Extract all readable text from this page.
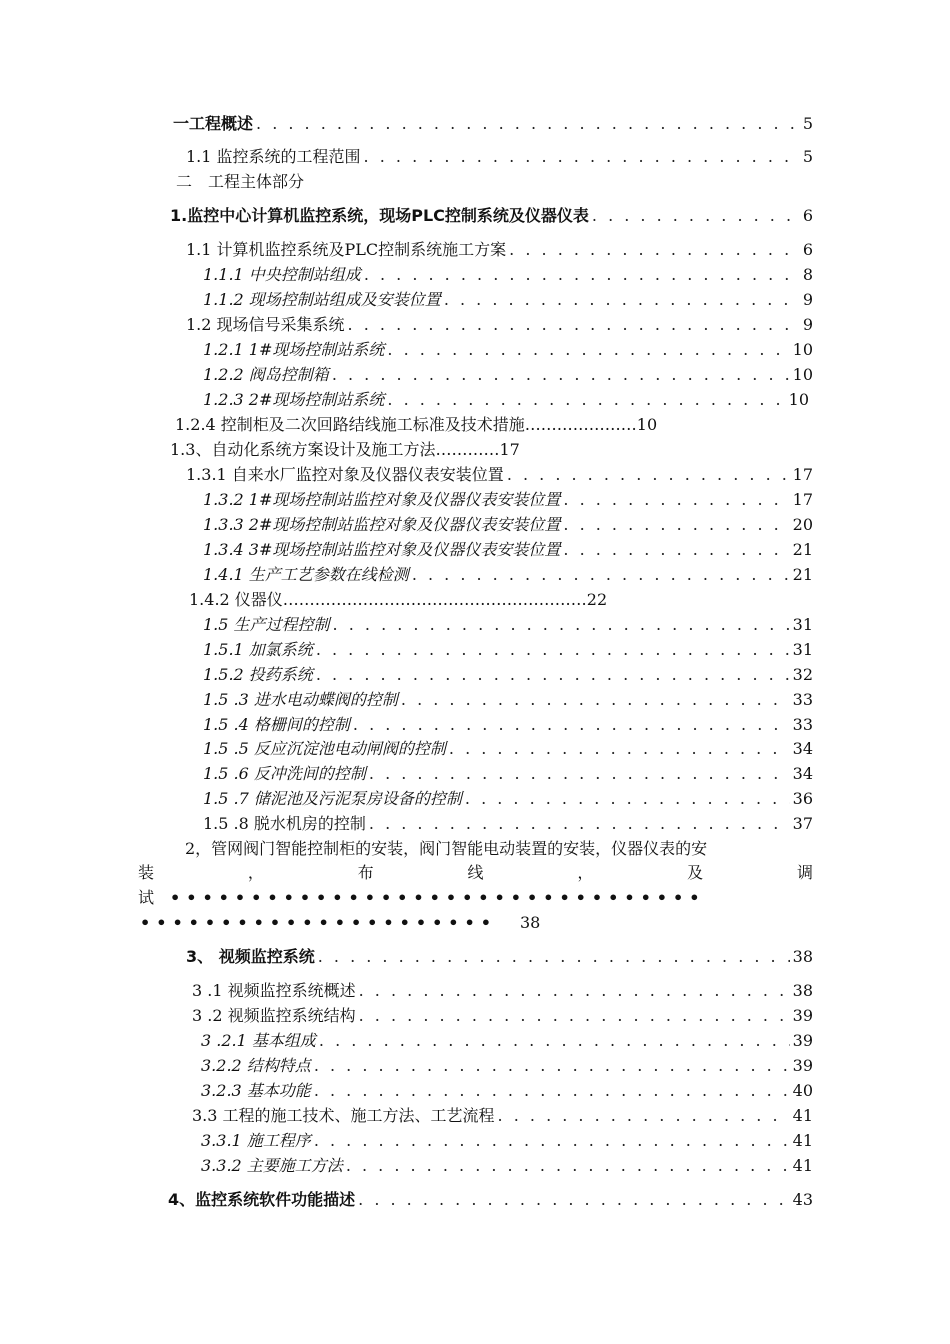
一工程概述 . . .	5
1.1 监控系统的工程范围 . . .	5
二　工程主体部分
1.监控中心计算机监控系统，现场PLC控制系统及仪器仪表 . . .	6
1.1 计算机监控系统及PLC控制系统施工方案 . . .	6
1.1.1 中央控制站组成 . . .	8
1.1.2 现场控制站组成及安装位置 . . .	9
1.2 现场信号采集系统 . . .	9
1.2.1 1#现场控制站系统 . . .	10
1.2.2 阀岛控制箱 . . .	10
1.2.3 2#现场控制站系统 . . .	10
1.2.4 控制柜及二次回路结线施工标准及技术措施…………………10
1.3、自动化系统方案设计及施工方法…………17
1.3.1 自来水厂监控对象及仪器仪表安装位置 . . .	17
1.3.2 1#现场控制站监控对象及仪器仪表安装位置 . . .	17
1.3.3 2#现场控制站监控对象及仪器仪表安装位置 . . .	20
1.3.4 3#现场控制站监控对象及仪器仪表安装位置 . . .	21
1.4.1 生产工艺参数在线检测 . . .	21
1.4.2 仪器仪…………………………………………………22
1.5 生产过程控制 . . .	31
1.5.1 加氯系统 . . .	31
1.5.2 投药系统 . . .	32
1.5 .3 进水电动蝶阀的控制 . . .	33
1.5 .4 格栅间的控制 . . .	33
1.5 .5 反应沉淀池电动闸阀的控制 . . .	34
1.5 .6 反冲洗间的控制 . . .	34
1.5 .7 储泥池及污泥泵房设备的控制 . . .	36
1.5 .8 脱水机房的控制 . . .	37
2，管网阀门智能控制柜的安装，阀门智能电动装置的安装，仪器仪表的安
装	，	布	线	，	及	调
试 •••••••••••••••••••••••••••••••••
••••••••••••••••••••••	38
3、 视频监控系统 . . .	38
3 .1 视频监控系统概述 . . .	38
3 .2 视频监控系统结构 . . .	39
3 .2.1 基本组成 . . .	39
3.2.2 结构特点 . . .	39
3.2.3 基本功能 . . .	40
3.3 工程的施工技术、施工方法、工艺流程 . . .	41
3.3.1 施工程序 . . .	41
3.3.2 主要施工方法 . . .	41
4、监控系统软件功能描述 . . .	43
